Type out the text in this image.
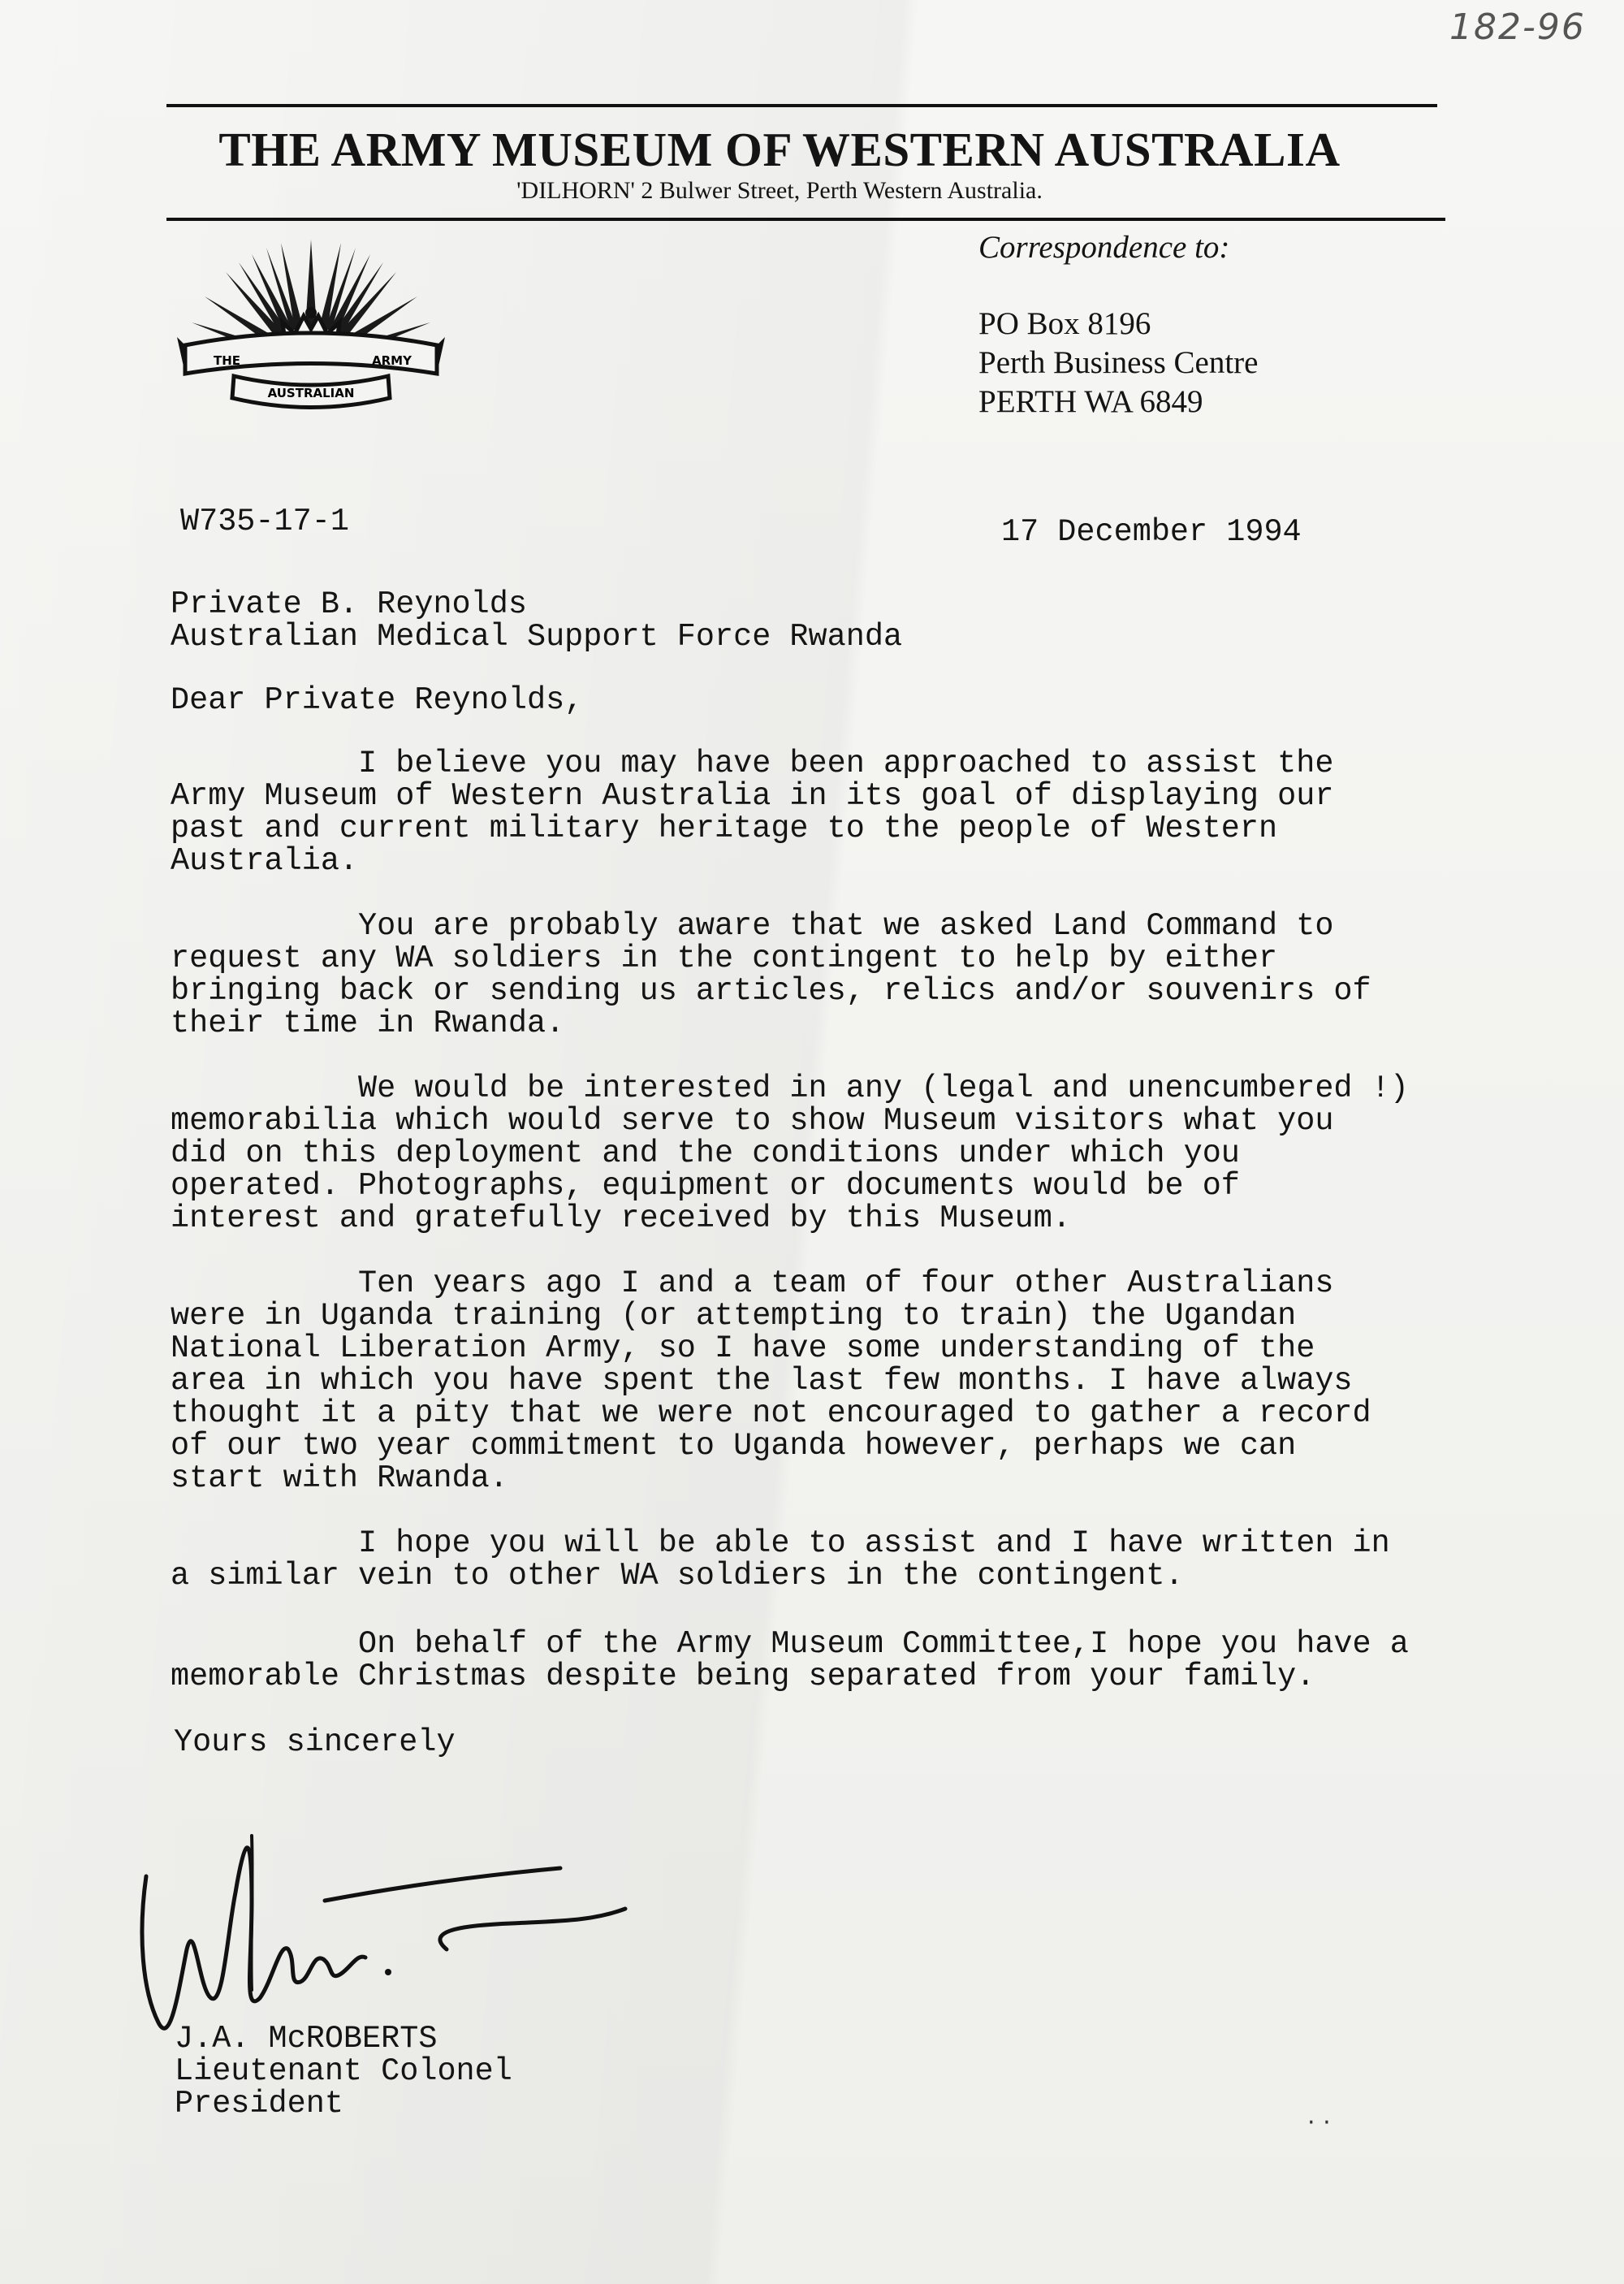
182-96
THE ARMY MUSEUM OF WESTERN AUSTRALIA
'DILHORN' 2 Bulwer Street, Perth Western Australia.
THE	ARMY
AUSTRALIAN
Correspondence to:
PO Box 8196
Perth Business Centre
PERTH WA 6849
W735-17-1	17 December 1994
Private B. Reynolds
Australian Medical Support Force Rwanda
Dear Private Reynolds,
I believe you may have been approached to assist the
Army Museum of Western Australia in its goal of displaying our
past and current military heritage to the people of Western
Australia.
You are probably aware that we asked Land Command to
request any WA soldiers in the contingent to help by either
bringing back or sending us articles, relics and/or souvenirs of
their time in Rwanda.
We would be interested in any (legal and unencumbered !)
memorabilia which would serve to show Museum visitors what you
did on this deployment and the conditions under which you
operated. Photographs, equipment or documents would be of
interest and gratefully received by this Museum.
Ten years ago I and a team of four other Australians
were in Uganda training (or attempting to train) the Ugandan
National Liberation Army, so I have some understanding of the
area in which you have spent the last few months. I have always
thought it a pity that we were not encouraged to gather a record
of our two year commitment to Uganda however, perhaps we can
start with Rwanda.
I hope you will be able to assist and I have written in
a similar vein to other WA soldiers in the contingent.
On behalf of the Army Museum Committee,I hope you have a
memorable Christmas despite being separated from your family.
Yours sincerely
J.A. McROBERTS
Lieutenant Colonel
President
· ·
